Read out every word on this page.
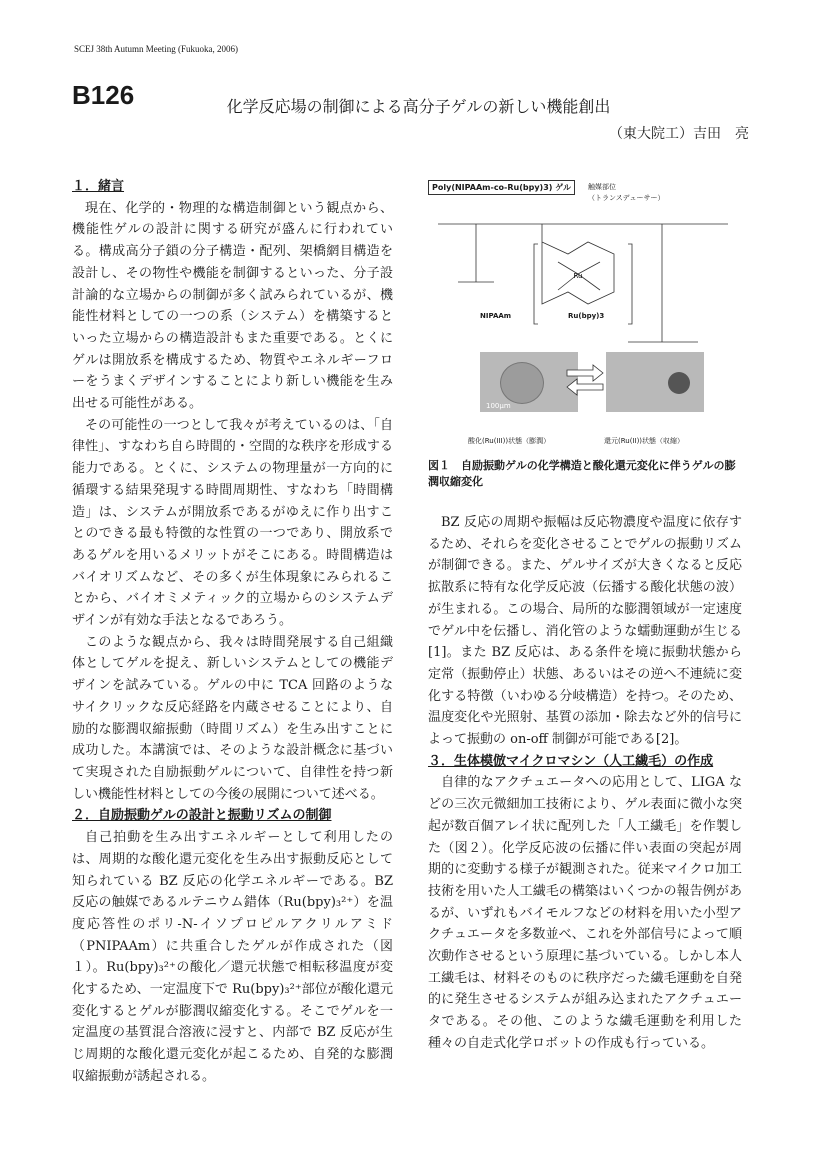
SCEJ 38th Autumn Meeting (Fukuoka, 2006)
B126	化学反応場の制御による高分子ゲルの新しい機能創出
（東大院工）吉田　亮
１．緒言

現在、化学的・物理的な構造制御という観点から、機能性ゲルの設計に関する研究が盛んに行われている。構成高分子鎖の分子構造・配列、架橋網目構造を設計し、その物性や機能を制御するといった、分子設計論的な立場からの制御が多く試みられているが、機能性材料としての一つの系（システム）を構築するといった立場からの構造設計もまた重要である。とくにゲルは開放系を構成するため、物質やエネルギーフローをうまくデザインすることにより新しい機能を生み出せる可能性がある。

その可能性の一つとして我々が考えているのは、「自律性」、すなわち自ら時間的・空間的な秩序を形成する能力である。とくに、システムの物理量が一方向的に循環する結果発現する時間周期性、すなわち「時間構造」は、システムが開放系であるがゆえに作り出すことのできる最も特徴的な性質の一つであり、開放系であるゲルを用いるメリットがそこにある。時間構造はバイオリズムなど、その多くが生体現象にみられることから、バイオミメティック的立場からのシステムデザインが有効な手法となるであろう。

このような観点から、我々は時間発展する自己組織体としてゲルを捉え、新しいシステムとしての機能デザインを試みている。ゲルの中に TCA 回路のようなサイクリックな反応経路を内蔵させることにより、自励的な膨潤収縮振動（時間リズム）を生み出すことに成功した。本講演では、そのような設計概念に基づいて実現された自励振動ゲルについて、自律性を持つ新しい機能性材料としての今後の展開について述べる。

２．自励振動ゲルの設計と振動リズムの制御

自己拍動を生み出すエネルギーとして利用したのは、周期的な酸化還元変化を生み出す振動反応として知られている BZ 反応の化学エネルギーである。BZ 反応の触媒であるルテニウム錯体（Ru(bpy)₃²⁺）を温度応答性のポリ-N-イソプロピルアクリルアミド（PNIPAAm）に共重合したゲルが作成された（図１）。Ru(bpy)₃²⁺の酸化／還元状態で相転移温度が変化するため、一定温度下で Ru(bpy)₃²⁺部位が酸化還元変化するとゲルが膨潤収縮変化する。そこでゲルを一定温度の基質混合溶液に浸すと、内部で BZ 反応が生じ周期的な酸化還元変化が起こるため、自発的な膨潤収縮振動が誘起される。

Poly(NIPAAm-co-Ru(bpy)3) ゲル	触媒部位
（トランスデューサー）
Ru
NIPAAm	Ru(bpy)3
100μm
酸化(Ru(III))状態（膨潤）	還元(Ru(II))状態（収縮）
図１　自励振動ゲルの化学構造と酸化還元変化に伴うゲルの膨潤収縮変化

BZ 反応の周期や振幅は反応物濃度や温度に依存するため、それらを変化させることでゲルの振動リズムが制御できる。また、ゲルサイズが大きくなると反応拡散系に特有な化学反応波（伝播する酸化状態の波）が生まれる。この場合、局所的な膨潤領域が一定速度でゲル中を伝播し、消化管のような蠕動運動が生じる[1]。また BZ 反応は、ある条件を境に振動状態から定常（振動停止）状態、あるいはその逆へ不連続に変化する特徴（いわゆる分岐構造）を持つ。そのため、温度変化や光照射、基質の添加・除去など外的信号によって振動の on-off 制御が可能である[2]。

３．生体模倣マイクロマシン（人工繊毛）の作成

自律的なアクチュエータへの応用として、LIGA などの三次元微細加工技術により、ゲル表面に微小な突起が数百個アレイ状に配列した「人工繊毛」を作製した（図２）。化学反応波の伝播に伴い表面の突起が周期的に変動する様子が観測された。従来マイクロ加工技術を用いた人工繊毛の構築はいくつかの報告例があるが、いずれもバイモルフなどの材料を用いた小型アクチュエータを多数並べ、これを外部信号によって順次動作させるという原理に基づいている。しかし本人工繊毛は、材料そのものに秩序だった繊毛運動を自発的に発生させるシステムが組み込まれたアクチュエータである。その他、このような繊毛運動を利用した種々の自走式化学ロボットの作成も行っている。
